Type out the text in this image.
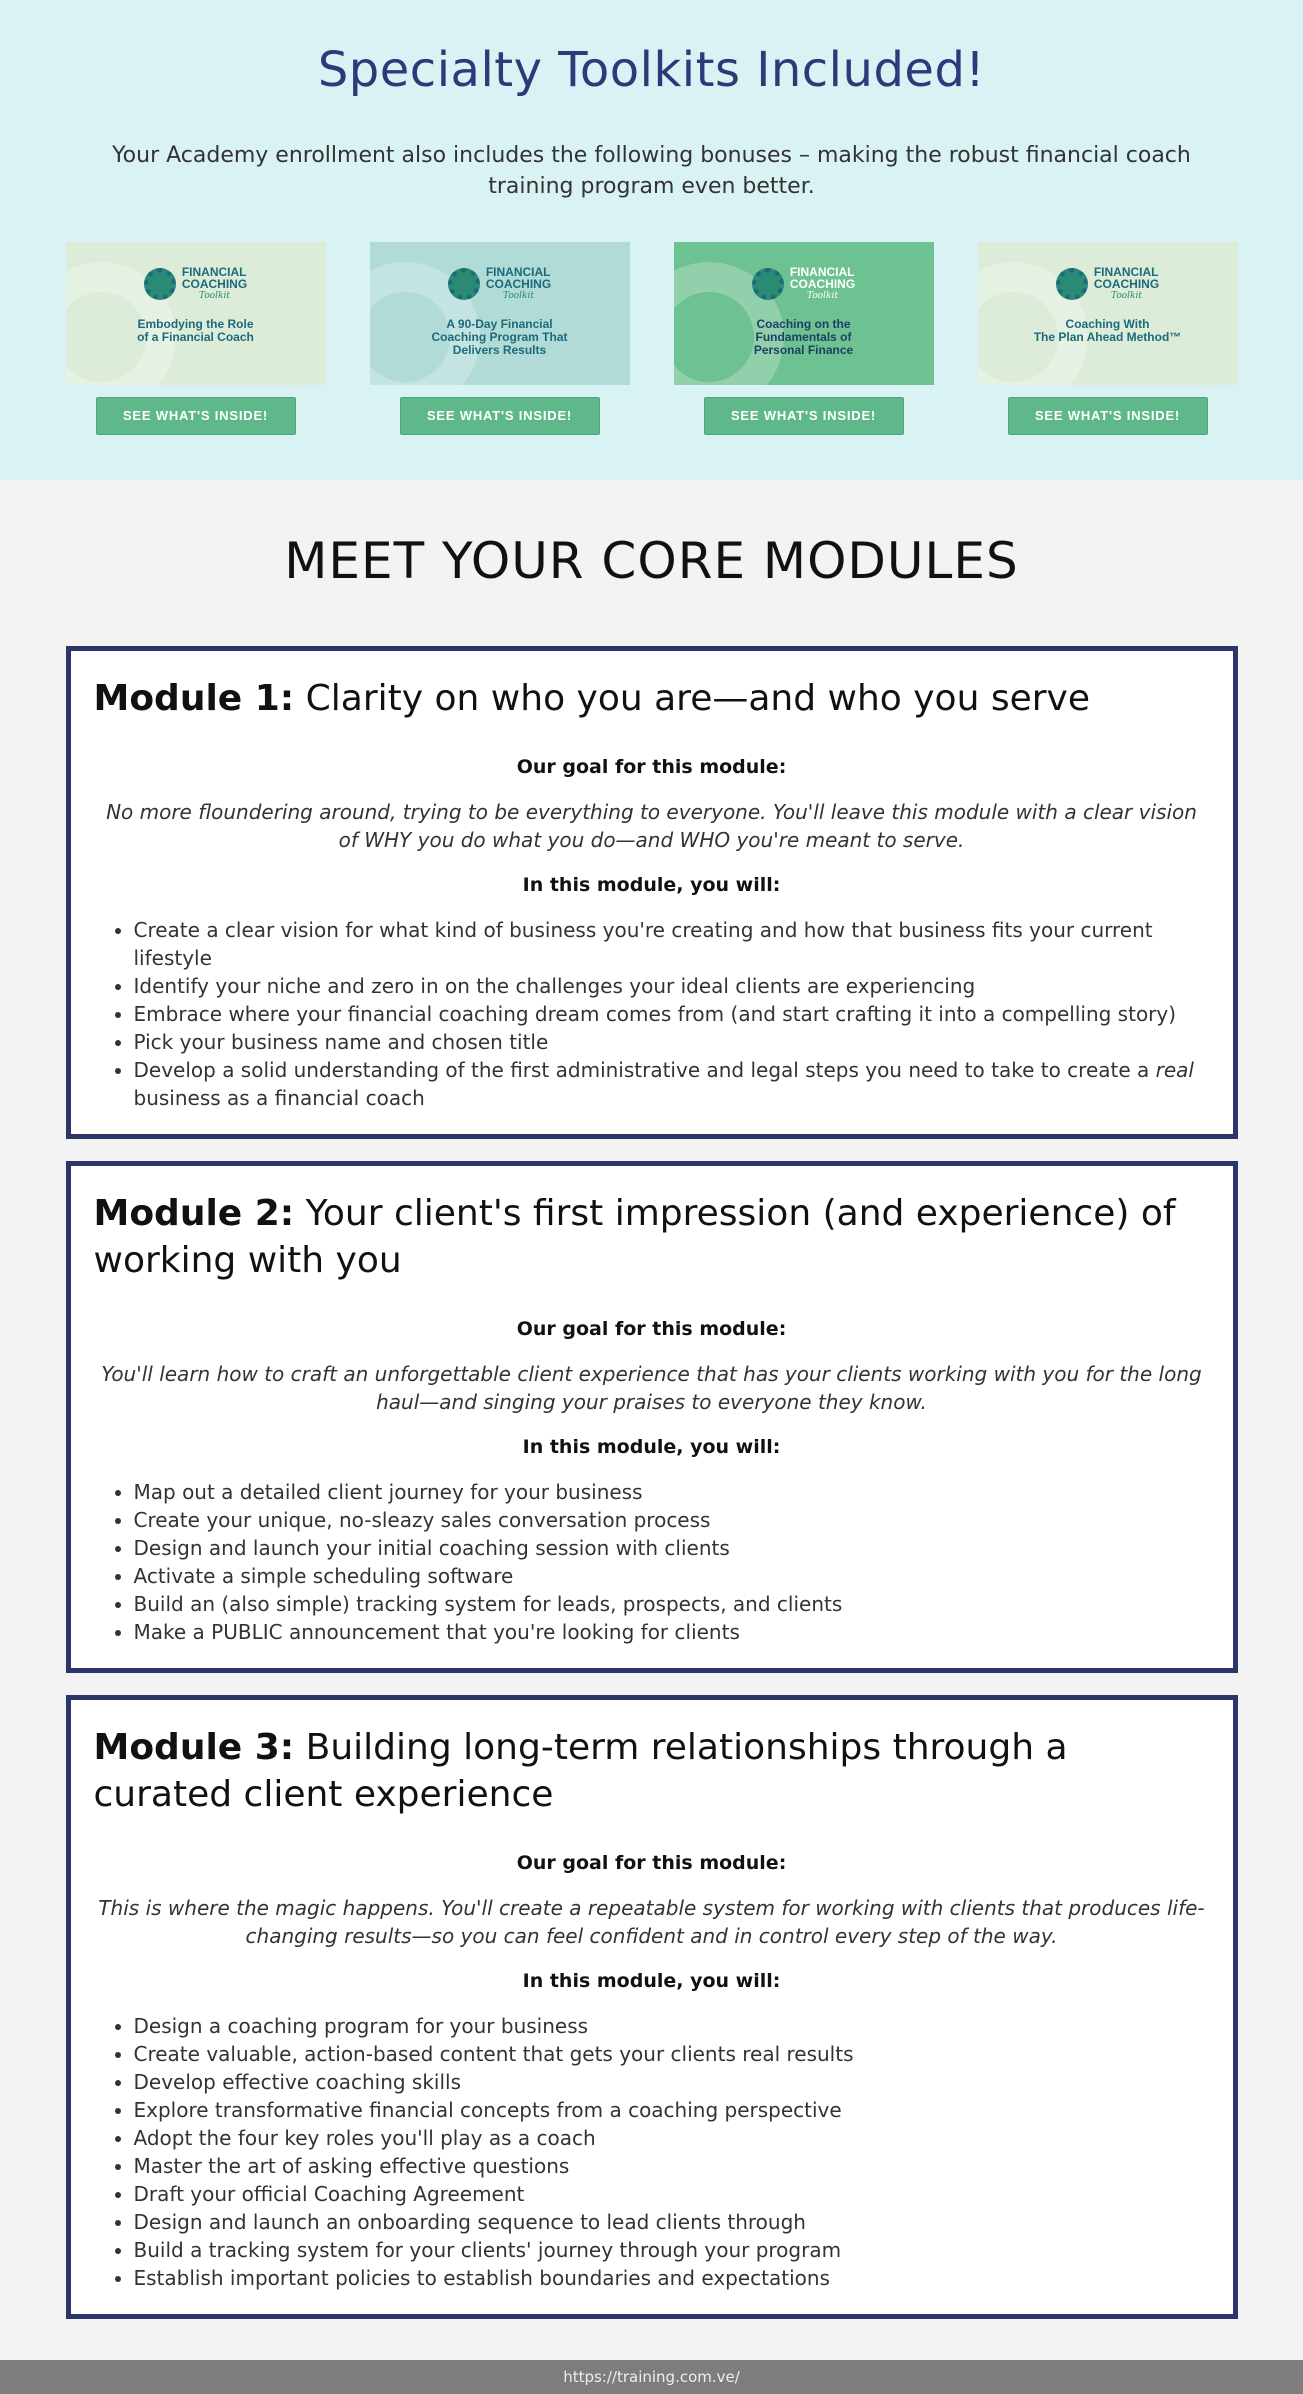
Specialty Toolkits Included!

Your Academy enrollment also includes the following bonuses – making the robust financial coach training program even better.

FINANCIAL
COACHING
Toolkit
Embodying the Role
of a Financial Coach
SEE WHAT'S INSIDE!
FINANCIAL
COACHING
Toolkit
A 90-Day Financial
Coaching Program That
Delivers Results
SEE WHAT'S INSIDE!
FINANCIAL
COACHING
Toolkit
Coaching on the
Fundamentals of
Personal Finance
SEE WHAT'S INSIDE!
FINANCIAL
COACHING
Toolkit
Coaching With
The Plan Ahead Method™
SEE WHAT'S INSIDE!
MEET YOUR CORE MODULES
Module 1: Clarity on who you are—and who you serve

Our goal for this module:

No more floundering around, trying to be everything to everyone. You'll leave this module with a clear vision of WHY you do what you do—and WHO you're meant to serve.

In this module, you will:

• Create a clear vision for what kind of business you're creating and how that business fits your current lifestyle
• Identify your niche and zero in on the challenges your ideal clients are experiencing
• Embrace where your financial coaching dream comes from (and start crafting it into a compelling story)
• Pick your business name and chosen title
• Develop a solid understanding of the first administrative and legal steps you need to take to create a real business as a financial coach
Module 2: Your client's first impression (and experience) of working with you

Our goal for this module:

You'll learn how to craft an unforgettable client experience that has your clients working with you for the long haul—and singing your praises to everyone they know.

In this module, you will:

• Map out a detailed client journey for your business
• Create your unique, no-sleazy sales conversation process
• Design and launch your initial coaching session with clients
• Activate a simple scheduling software
• Build an (also simple) tracking system for leads, prospects, and clients
• Make a PUBLIC announcement that you're looking for clients
Module 3: Building long-term relationships through a curated client experience

Our goal for this module:

This is where the magic happens. You'll create a repeatable system for working with clients that produces life-changing results—so you can feel confident and in control every step of the way.

In this module, you will:

• Design a coaching program for your business
• Create valuable, action-based content that gets your clients real results
• Develop effective coaching skills
• Explore transformative financial concepts from a coaching perspective
• Adopt the four key roles you'll play as a coach
• Master the art of asking effective questions
• Draft your official Coaching Agreement
• Design and launch an onboarding sequence to lead clients through
• Build a tracking system for your clients' journey through your program
• Establish important policies to establish boundaries and expectations
https://training.com.ve/
